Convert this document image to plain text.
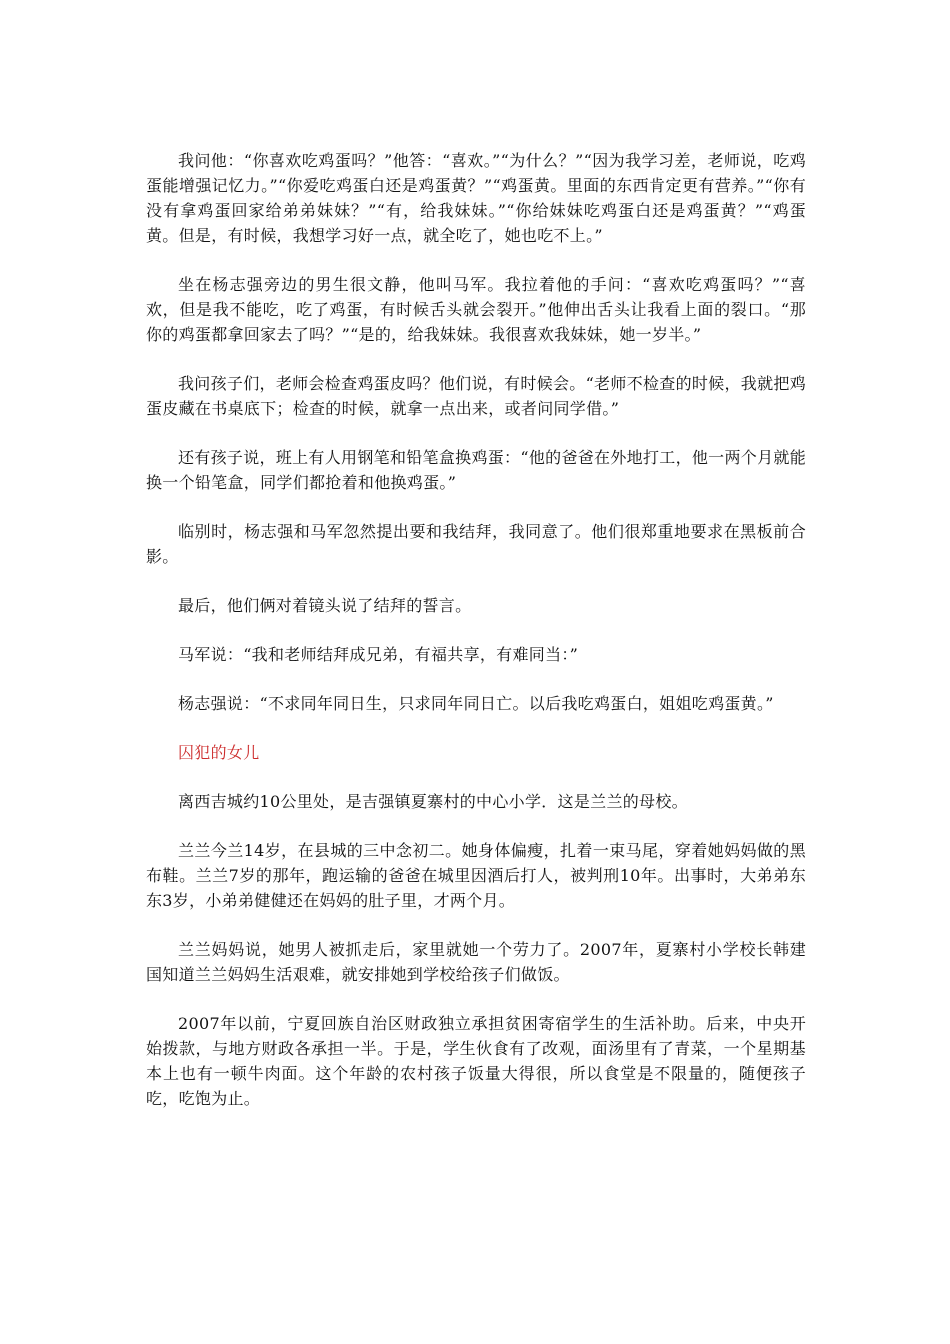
我问他：“你喜欢吃鸡蛋吗？”他答：“喜欢。”“为什么？”“因为我学习差，老师说，吃鸡蛋能增强记忆力。”“你爱吃鸡蛋白还是鸡蛋黄？”“鸡蛋黄。里面的东西肯定更有营养。”“你有没有拿鸡蛋回家给弟弟妹妹？”“有，给我妹妹。”“你给妹妹吃鸡蛋白还是鸡蛋黄？”“鸡蛋黄。但是，有时候，我想学习好一点，就全吃了，她也吃不上。”

坐在杨志强旁边的男生很文静，他叫马军。我拉着他的手问：“喜欢吃鸡蛋吗？”“喜欢，但是我不能吃，吃了鸡蛋，有时候舌头就会裂开。”他伸出舌头让我看上面的裂口。“那你的鸡蛋都拿回家去了吗？”“是的，给我妹妹。我很喜欢我妹妹，她一岁半。”

我问孩子们，老师会检查鸡蛋皮吗？他们说，有时候会。“老师不检查的时候，我就把鸡蛋皮藏在书桌底下；检查的时候，就拿一点出来，或者问同学借。”

还有孩子说，班上有人用钢笔和铅笔盒换鸡蛋：“他的爸爸在外地打工，他一两个月就能换一个铅笔盒，同学们都抢着和他换鸡蛋。”

临别时，杨志强和马军忽然提出要和我结拜，我同意了。他们很郑重地要求在黑板前合影。

最后，他们俩对着镜头说了结拜的誓言。

马军说：“我和老师结拜成兄弟，有福共享，有难同当：”

杨志强说：“不求同年同日生，只求同年同日亡。以后我吃鸡蛋白，姐姐吃鸡蛋黄。”

囚犯的女儿

离西吉城约10公里处，是吉强镇夏寨村的中心小学．这是兰兰的母校。

兰兰今兰14岁，在县城的三中念初二。她身体偏瘦，扎着一束马尾，穿着她妈妈做的黑布鞋。兰兰7岁的那年，跑运输的爸爸在城里因酒后打人，被判刑10年。出事时，大弟弟东东3岁，小弟弟健健还在妈妈的肚子里，才两个月。

兰兰妈妈说，她男人被抓走后，家里就她一个劳力了。2007年，夏寨村小学校长韩建国知道兰兰妈妈生活艰难，就安排她到学校给孩子们做饭。

2007年以前，宁夏回族自治区财政独立承担贫困寄宿学生的生活补助。后来，中央开始拨款，与地方财政各承担一半。于是，学生伙食有了改观，面汤里有了青菜，一个星期基本上也有一顿牛肉面。这个年龄的农村孩子饭量大得很，所以食堂是不限量的，随便孩子吃，吃饱为止。
